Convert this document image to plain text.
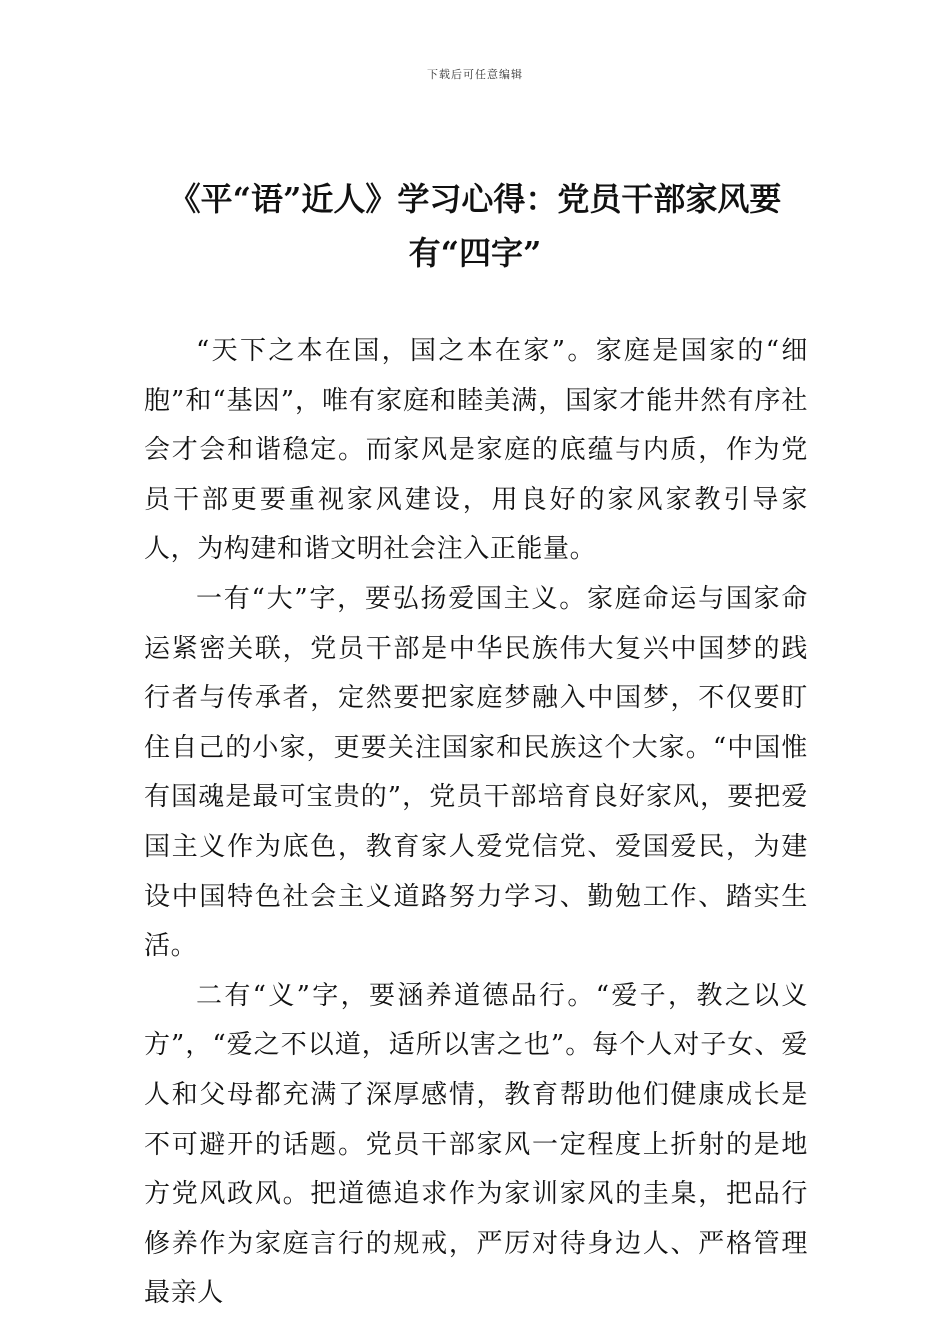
下载后可任意编辑
《平“语”近人》学习心得：党员干部家风要有“四字”

“天下之本在国，国之本在家”。家庭是国家的“细胞”和“基因”，唯有家庭和睦美满，国家才能井然有序社会才会和谐稳定。而家风是家庭的底蕴与内质，作为党员干部更要重视家风建设，用良好的家风家教引导家人，为构建和谐文明社会注入正能量。

一有“大”字，要弘扬爱国主义。家庭命运与国家命运紧密关联，党员干部是中华民族伟大复兴中国梦的践行者与传承者，定然要把家庭梦融入中国梦，不仅要盯住自己的小家，更要关注国家和民族这个大家。“中国惟有国魂是最可宝贵的”，党员干部培育良好家风，要把爱国主义作为底色，教育家人爱党信党、爱国爱民，为建设中国特色社会主义道路努力学习、勤勉工作、踏实生活。

二有“义”字，要涵养道德品行。“爱子，教之以义方”，“爱之不以道，适所以害之也”。每个人对子女、爱人和父母都充满了深厚感情，教育帮助他们健康成长是不可避开的话题。党员干部家风一定程度上折射的是地方党风政风。把道德追求作为家训家风的圭臬，把品行修养作为家庭言行的规戒，严厉对待身边人、严格管理最亲人
